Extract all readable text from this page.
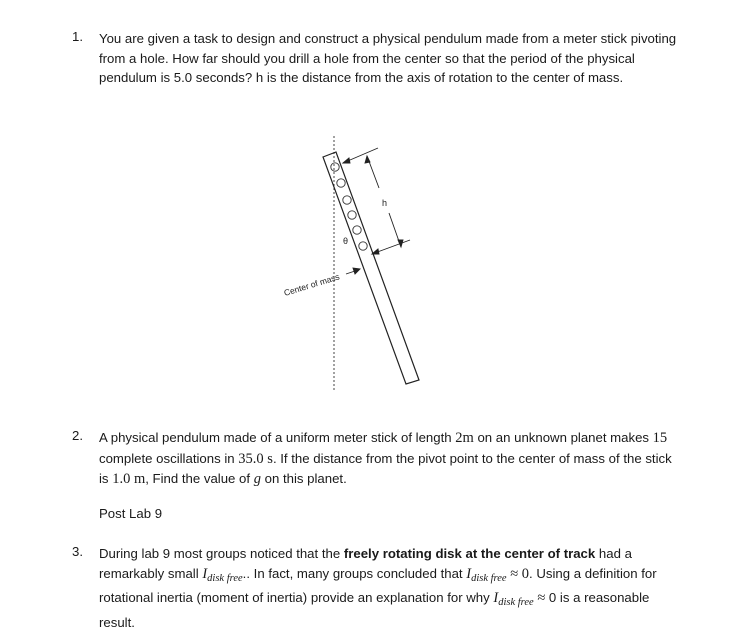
1. You are given a task to design and construct a physical pendulum made from a meter stick pivoting from a hole. How far should you drill a hole from the center so that the period of the physical pendulum is 5.0 seconds? h is the distance from the axis of rotation to the center of mass.
θ
h
Center of mass
2. A physical pendulum made of a uniform meter stick of length 2m on an unknown planet makes 15 complete oscillations in 35.0 s. If the distance from the pivot point to the center of mass of the stick is 1.0 m, Find the value of g on this planet.
Post Lab 9
3. During lab 9 most groups noticed that the freely rotating disk at the center of track had a remarkably small $I_{disk free}$.. In fact, many groups concluded that $I_{disk free} \approx 0$. Using a definition for rotational inertia (moment of inertia) provide an explanation for why $I_{disk free} \approx 0$ is a reasonable result.
